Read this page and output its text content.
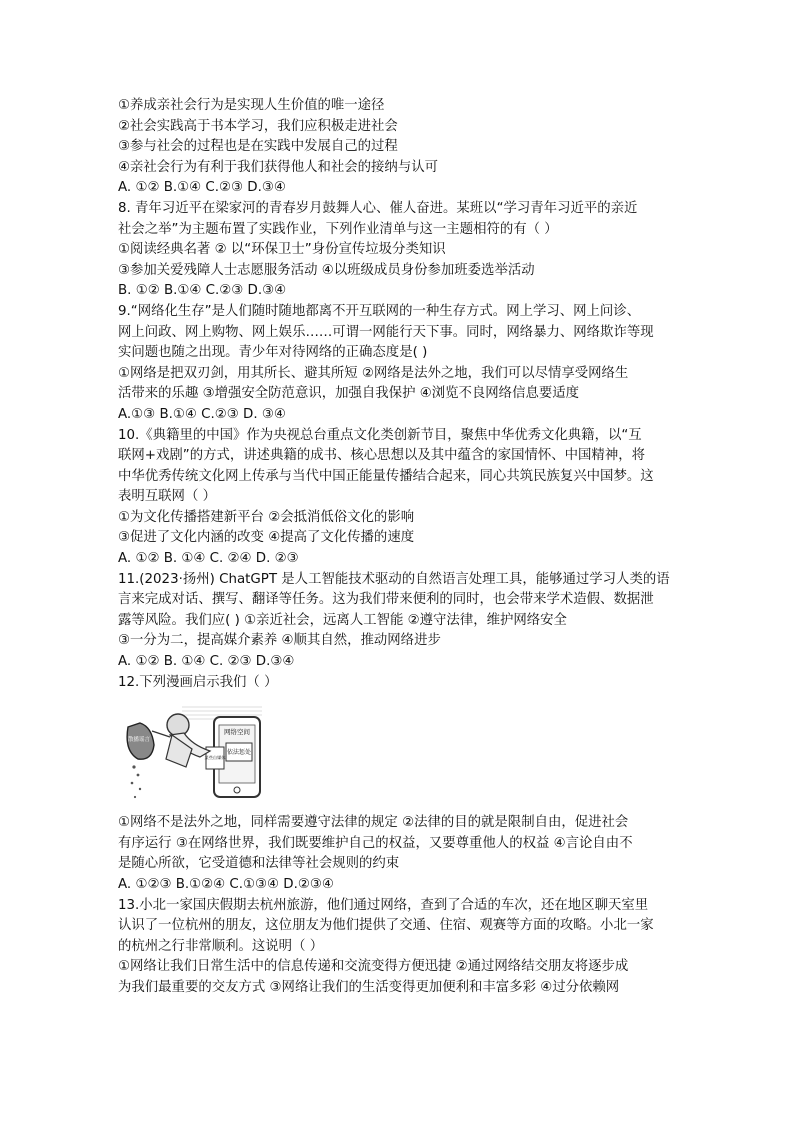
①养成亲社会行为是实现人生价值的唯一途径
②社会实践高于书本学习，我们应积极走进社会
③参与社会的过程也是在实践中发展自己的过程
④亲社会行为有利于我们获得他人和社会的接纳与认可
A. ①② B.①④ C.②③ D.③④
8. 青年习近平在梁家河的青春岁月鼓舞人心、催人奋进。某班以“学习青年习近平的亲近
社会之举”为主题布置了实践作业，下列作业清单与这一主题相符的有（ ）
①阅读经典名著 ② 以“环保卫士”身份宣传垃圾分类知识
③参加关爱残障人士志愿服务活动 ④以班级成员身份参加班委选举活动
B. ①② B.①④ C.②③ D.③④
9.“网络化生存”是人们随时随地都离不开互联网的一种生存方式。网上学习、网上问诊、
网上问政、网上购物、网上娱乐……可谓一网能行天下事。同时，网络暴力、网络欺诈等现
实问题也随之出现。青少年对待网络的正确态度是( )
①网络是把双刃剑，用其所长、避其所短 ②网络是法外之地，我们可以尽情享受网络生
活带来的乐趣 ③增强安全防范意识，加强自我保护 ④浏览不良网络信息要适度
A.①③ B.①④ C.②③ D. ③④
10.《典籍里的中国》作为央视总台重点文化类创新节目，聚焦中华优秀文化典籍，以“互
联网+戏剧”的方式，讲述典籍的成书、核心思想以及其中蕴含的家国情怀、中国精神，将
中华优秀传统文化网上传承与当代中国正能量传播结合起来，同心共筑民族复兴中国梦。这
表明互联网（ ）
①为文化传播搭建新平台 ②会抵消低俗文化的影响
③促进了文化内涵的改变 ④提高了文化传播的速度
A. ①② B. ①④ C. ②④ D. ②③
11.(2023·扬州) ChatGPT 是人工智能技术驱动的自然语言处理工具，能够通过学习人类的语
言来完成对话、撰写、翻译等任务。这为我们带来便利的同时，也会带来学术造假、数据泄
露等风险。我们应( ) ①亲近社会，远离人工智能 ②遵守法律，维护网络安全
③一分为二，提高媒介素养 ④顺其自然，推动网络进步
A. ①② B. ①④ C. ②③ D.③④
12.下列漫画启示我们（ ）
网络空间
依法惩处
某些自媒体
散播谣言
①网络不是法外之地，同样需要遵守法律的规定 ②法律的目的就是限制自由，促进社会
有序运行 ③在网络世界，我们既要维护自己的权益，又要尊重他人的权益 ④言论自由不
是随心所欲，它受道德和法律等社会规则的约束
A. ①②③ B.①②④ C.①③④ D.②③④
13.小北一家国庆假期去杭州旅游，他们通过网络，查到了合适的车次，还在地区聊天室里
认识了一位杭州的朋友，这位朋友为他们提供了交通、住宿、观赛等方面的攻略。小北一家
的杭州之行非常顺利。这说明（ ）
①网络让我们日常生活中的信息传递和交流变得方便迅捷 ②通过网络结交朋友将逐步成
为我们最重要的交友方式 ③网络让我们的生活变得更加便利和丰富多彩 ④过分依赖网
